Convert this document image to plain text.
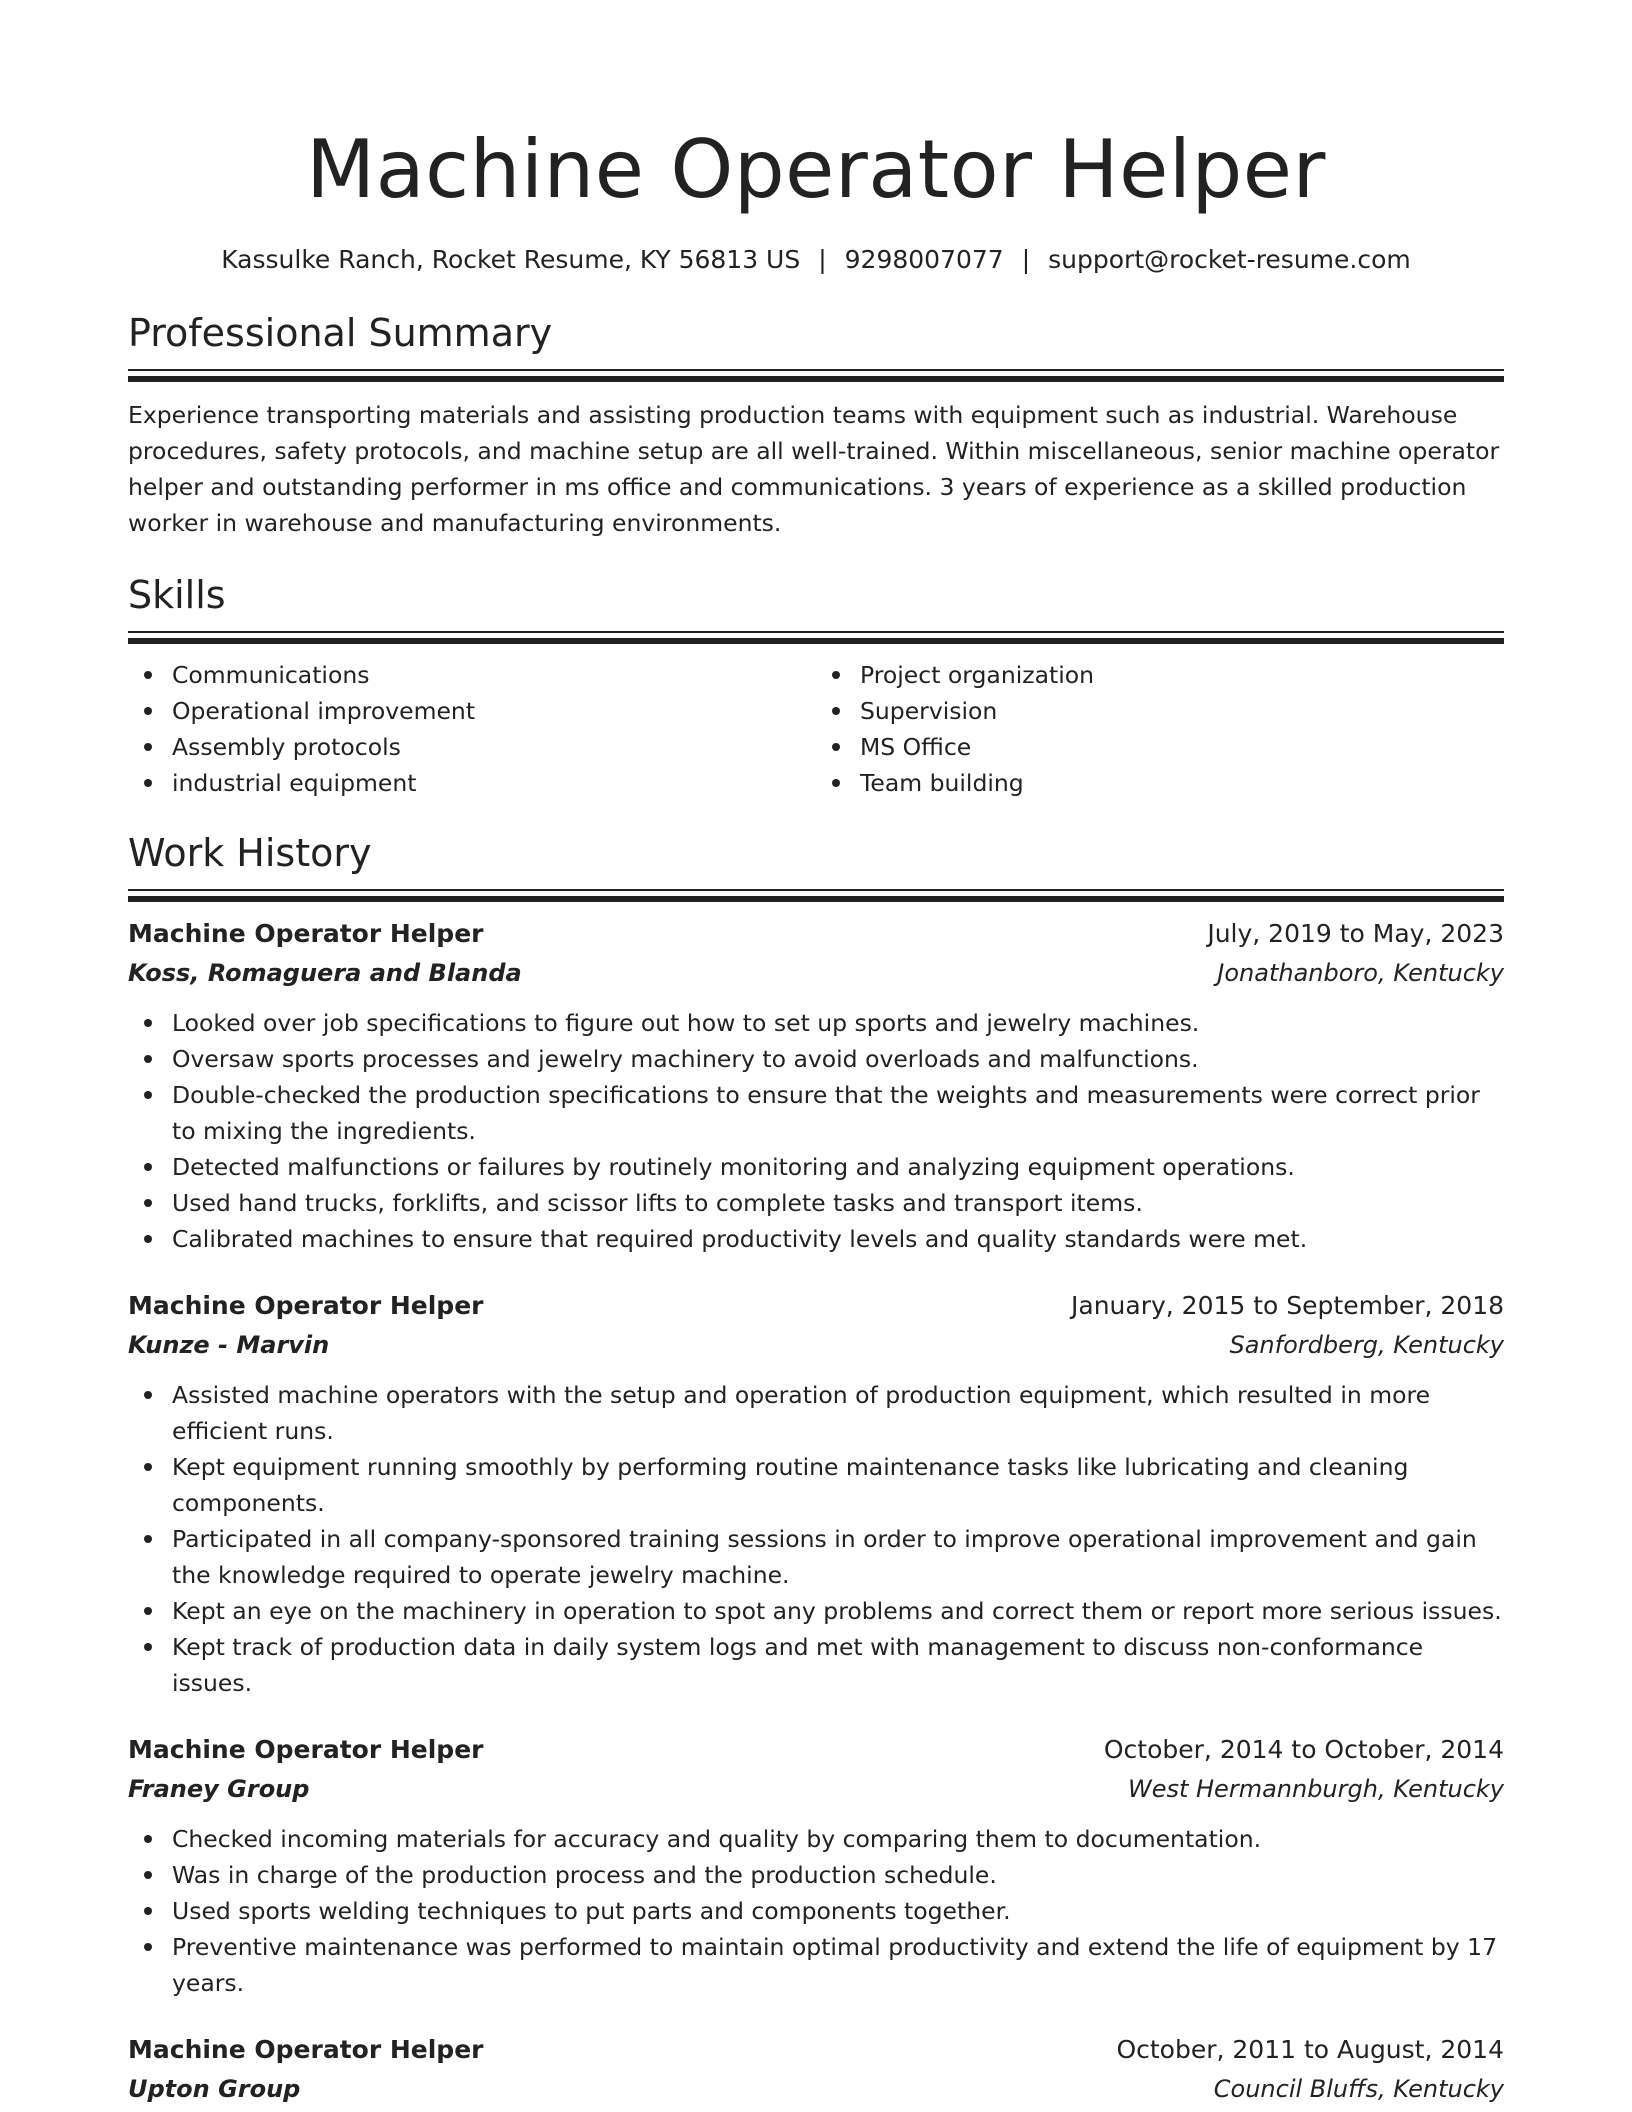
Machine Operator Helper
Kassulke Ranch, Rocket Resume, KY 56813 US | 9298007077 | support@rocket-resume.com
Professional Summary

Experience transporting materials and assisting production teams with equipment such as industrial. Warehouse procedures, safety protocols, and machine setup are all well-trained. Within miscellaneous, senior machine operator helper and outstanding performer in ms office and communications. 3 years of experience as a skilled production worker in warehouse and manufacturing environments.

Skills
Communications
Operational improvement
Assembly protocols
industrial equipment
Project organization
Supervision
MS Office
Team building
Work History
Machine Operator Helper	July, 2019 to May, 2023
Koss, Romaguera and Blanda	Jonathanboro, Kentucky
Looked over job specifications to figure out how to set up sports and jewelry machines.
Oversaw sports processes and jewelry machinery to avoid overloads and malfunctions.
Double-checked the production specifications to ensure that the weights and measurements were correct prior to mixing the ingredients.
Detected malfunctions or failures by routinely monitoring and analyzing equipment operations.
Used hand trucks, forklifts, and scissor lifts to complete tasks and transport items.
Calibrated machines to ensure that required productivity levels and quality standards were met.
Machine Operator Helper	January, 2015 to September, 2018
Kunze - Marvin	Sanfordberg, Kentucky
Assisted machine operators with the setup and operation of production equipment, which resulted in more efficient runs.
Kept equipment running smoothly by performing routine maintenance tasks like lubricating and cleaning components.
Participated in all company-sponsored training sessions in order to improve operational improvement and gain the knowledge required to operate jewelry machine.
Kept an eye on the machinery in operation to spot any problems and correct them or report more serious issues.
Kept track of production data in daily system logs and met with management to discuss non-conformance issues.
Machine Operator Helper	October, 2014 to October, 2014
Franey Group	West Hermannburgh, Kentucky
Checked incoming materials for accuracy and quality by comparing them to documentation.
Was in charge of the production process and the production schedule.
Used sports welding techniques to put parts and components together.
Preventive maintenance was performed to maintain optimal productivity and extend the life of equipment by 17 years.
Machine Operator Helper	October, 2011 to August, 2014
Upton Group	Council Bluffs, Kentucky
